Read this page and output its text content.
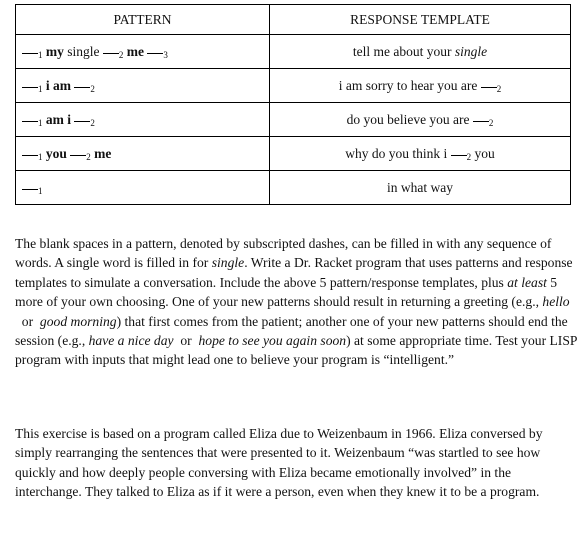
PATTERN	RESPONSE TEMPLATE
$_1$ my single $_2$ me $_3$	tell me about your single
$_1$ i am $_2$	i am sorry to hear you are $_2$
$_1$ am i $_2$	do you believe you are $_2$
$_1$ you $_2$ me	why do you think i $_2$ you
$_1$	in what way

The blank spaces in a pattern, denoted by subscripted dashes, can be filled in with any sequence of words. A single word is filled in for single. Write a Dr. Racket program that uses patterns and response templates to simulate a conversation. Include the above 5 pattern/response templates, plus at least 5 more of your own choosing. One of your new patterns should result in returning a greeting (e.g., hello  or  good morning) that first comes from the patient; another one of your new patterns should end the session (e.g., have a nice day  or  hope to see you again soon) at some appropriate time. Test your LISP program with inputs that might lead one to believe your program is “intelligent.”

This exercise is based on a program called Eliza due to Weizenbaum in 1966. Eliza conversed by simply rearranging the sentences that were presented to it. Weizenbaum “was startled to see how quickly and how deeply people conversing with Eliza became emotionally involved” in the interchange. They talked to Eliza as if it were a person, even when they knew it to be a program.
